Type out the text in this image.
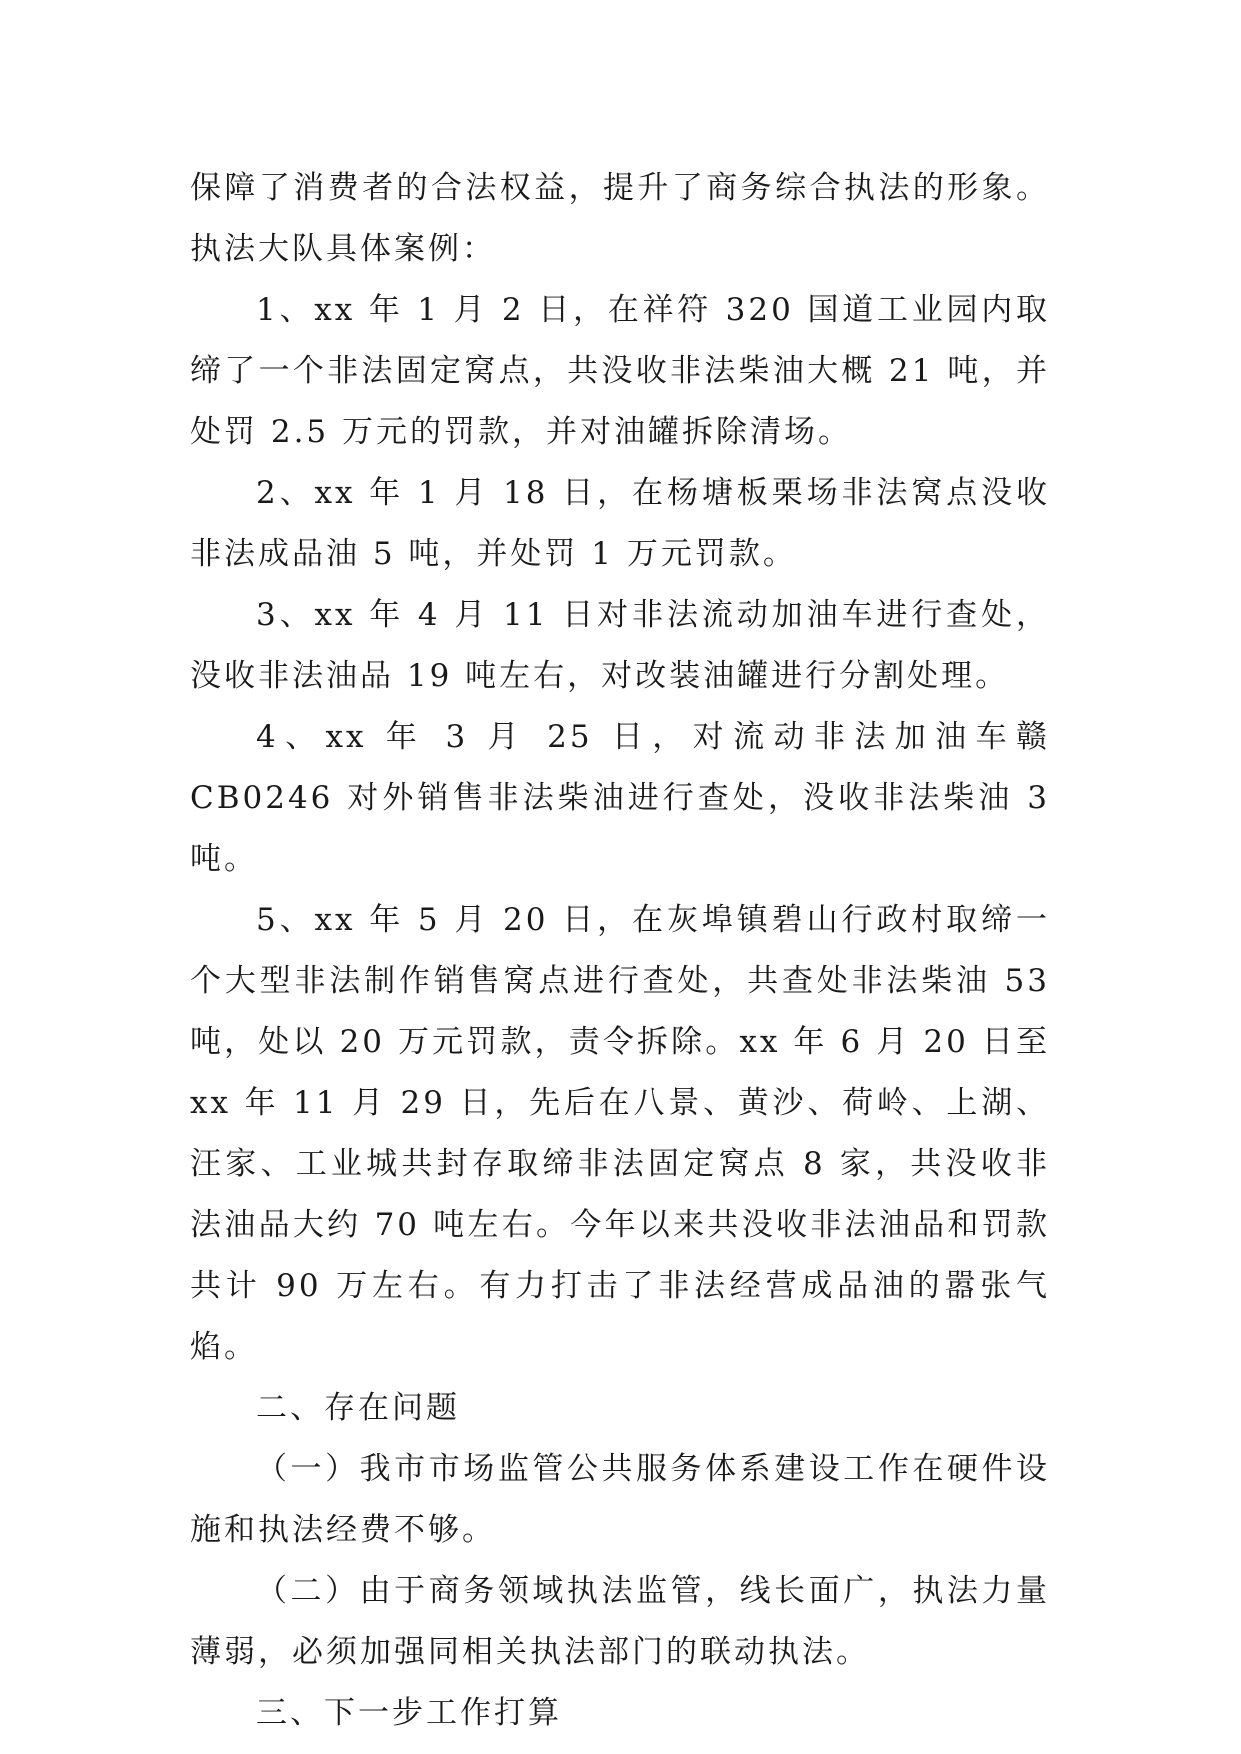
保障了消费者的合法权益，提升了商务综合执法的形象。执法大队具体案例：

1、xx 年 1 月 2 日，在祥符 320 国道工业园内取缔了一个非法固定窝点，共没收非法柴油大概 21 吨，并处罚 2.5 万元的罚款，并对油罐拆除清场。

2、xx 年 1 月 18 日，在杨塘板栗场非法窝点没收非法成品油 5 吨，并处罚 1 万元罚款。

3、xx 年 4 月 11 日对非法流动加油车进行查处，没收非法油品 19 吨左右，对改装油罐进行分割处理。

4、xx 年 3 月 25 日，对流动非法加油车赣 CB0246 对外销售非法柴油进行查处，没收非法柴油 3 吨。

5、xx 年 5 月 20 日，在灰埠镇碧山行政村取缔一个大型非法制作销售窝点进行查处，共查处非法柴油 53 吨，处以 20 万元罚款，责令拆除。xx 年 6 月 20 日至 xx 年 11 月 29 日，先后在八景、黄沙、荷岭、上湖、汪家、工业城共封存取缔非法固定窝点 8 家，共没收非法油品大约 70 吨左右。今年以来共没收非法油品和罚款共计 90 万左右。有力打击了非法经营成品油的嚣张气焰。

二、存在问题

（一）我市市场监管公共服务体系建设工作在硬件设施和执法经费不够。

（二）由于商务领域执法监管，线长面广，执法力量薄弱，必须加强同相关执法部门的联动执法。

三、下一步工作打算
